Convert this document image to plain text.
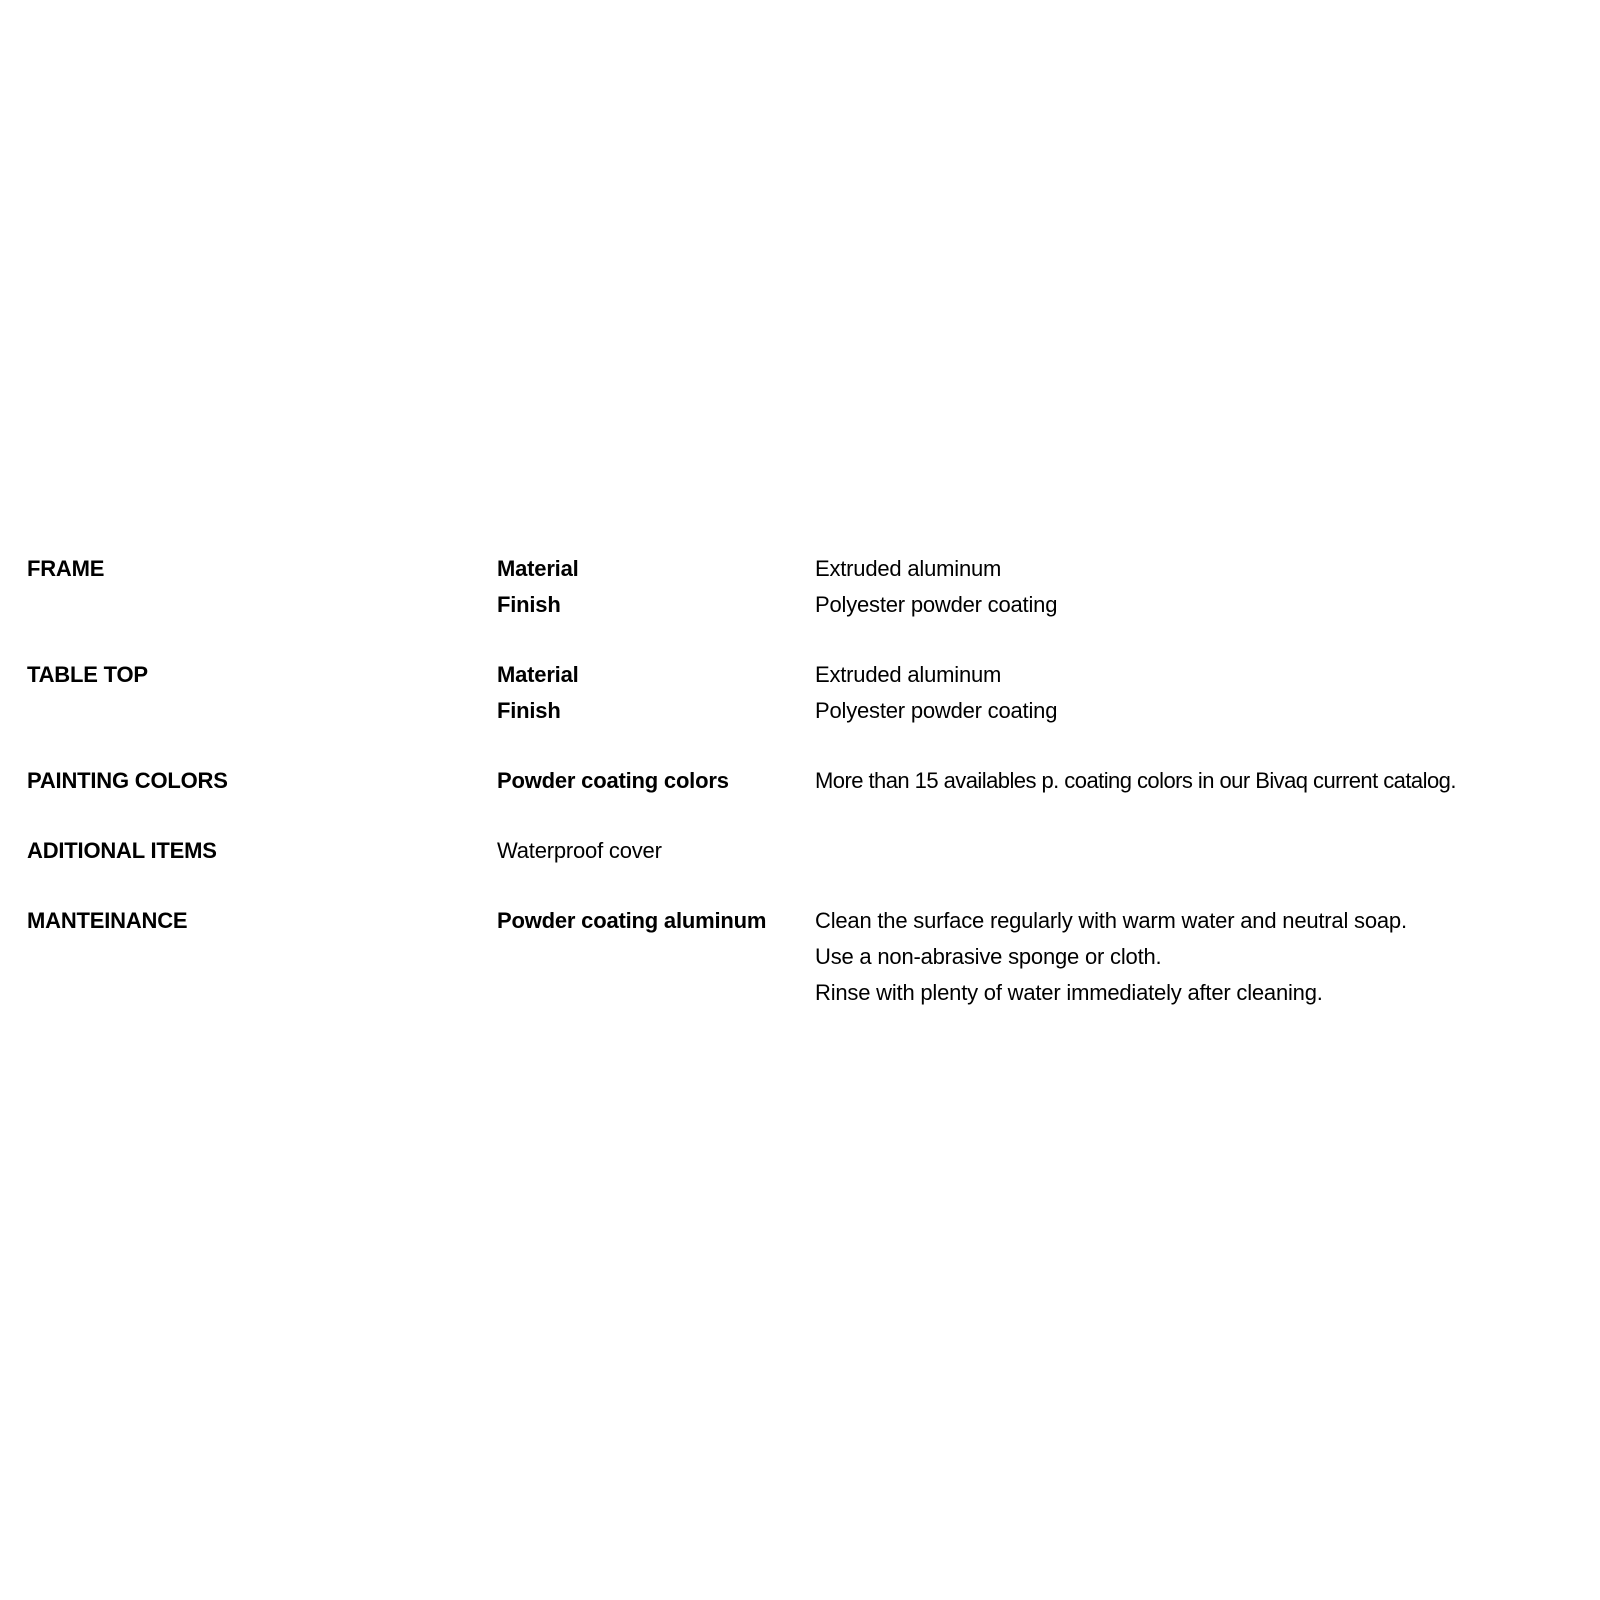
FRAME	Material	Extruded aluminum
Finish	Polyester powder coating
TABLE TOP	Material	Extruded aluminum
Finish	Polyester powder coating
PAINTING COLORS	Powder coating colors	More than 15 availables p. coating colors in our Bivaq current catalog.
ADITIONAL ITEMS	Waterproof cover
MANTEINANCE	Powder coating aluminum	Clean the surface regularly with warm water and neutral soap.
Use a non-abrasive sponge or cloth.
Rinse with plenty of water immediately after cleaning.
